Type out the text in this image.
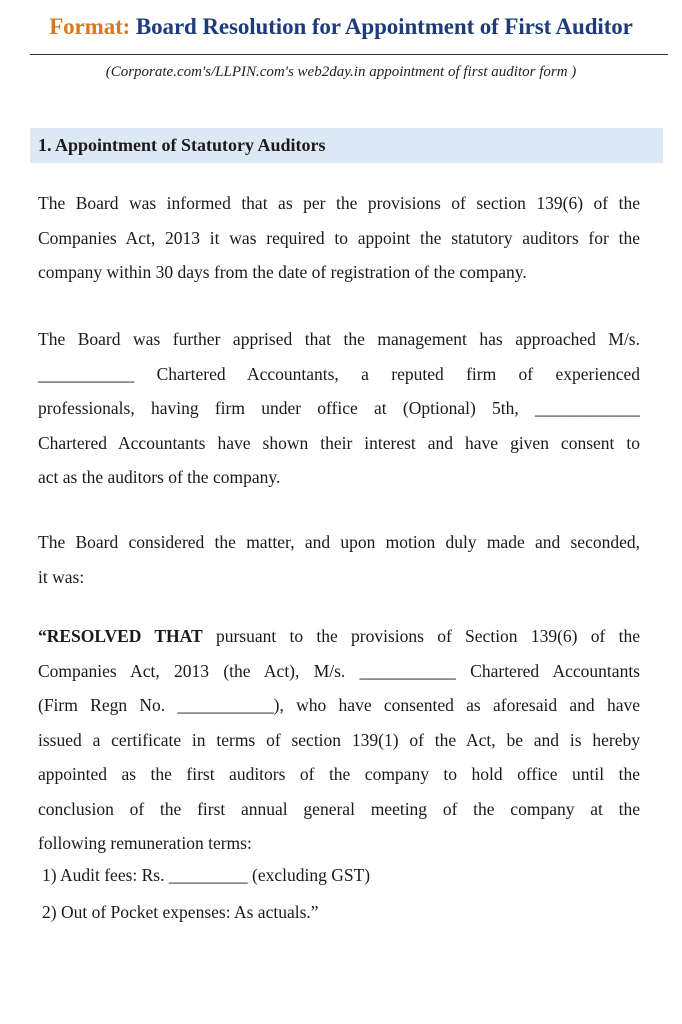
Format: Board Resolution for Appointment of First Auditor
(Corporate.com's/LLPIN.com's web2day.in appointment of first auditor form )
1. Appointment of Statutory Auditors
The Board was informed that as per the provisions of section 139(6) of the
Companies Act, 2013 it was required to appoint the statutory auditors for the
company within 30 days from the date of registration of the company.
The Board was further apprised that the management has approached M/s.
___________ Chartered Accountants, a reputed firm of experienced
professionals, having firm under office at (Optional) 5th, ____________
Chartered Accountants have shown their interest and have given consent to
act as the auditors of the company.
The Board considered the matter, and upon motion duly made and seconded,
it was:
“RESOLVED THAT pursuant to the provisions of Section 139(6) of the
Companies Act, 2013 (the Act), M/s. ___________ Chartered Accountants
(Firm Regn No. ___________), who have consented as aforesaid and have
issued a certificate in terms of section 139(1) of the Act, be and is hereby
appointed as the first auditors of the company to hold office until the
conclusion of the first annual general meeting of the company at the
following remuneration terms:
1) Audit fees: Rs. _________ (excluding GST)
2) Out of Pocket expenses: As actuals.”
